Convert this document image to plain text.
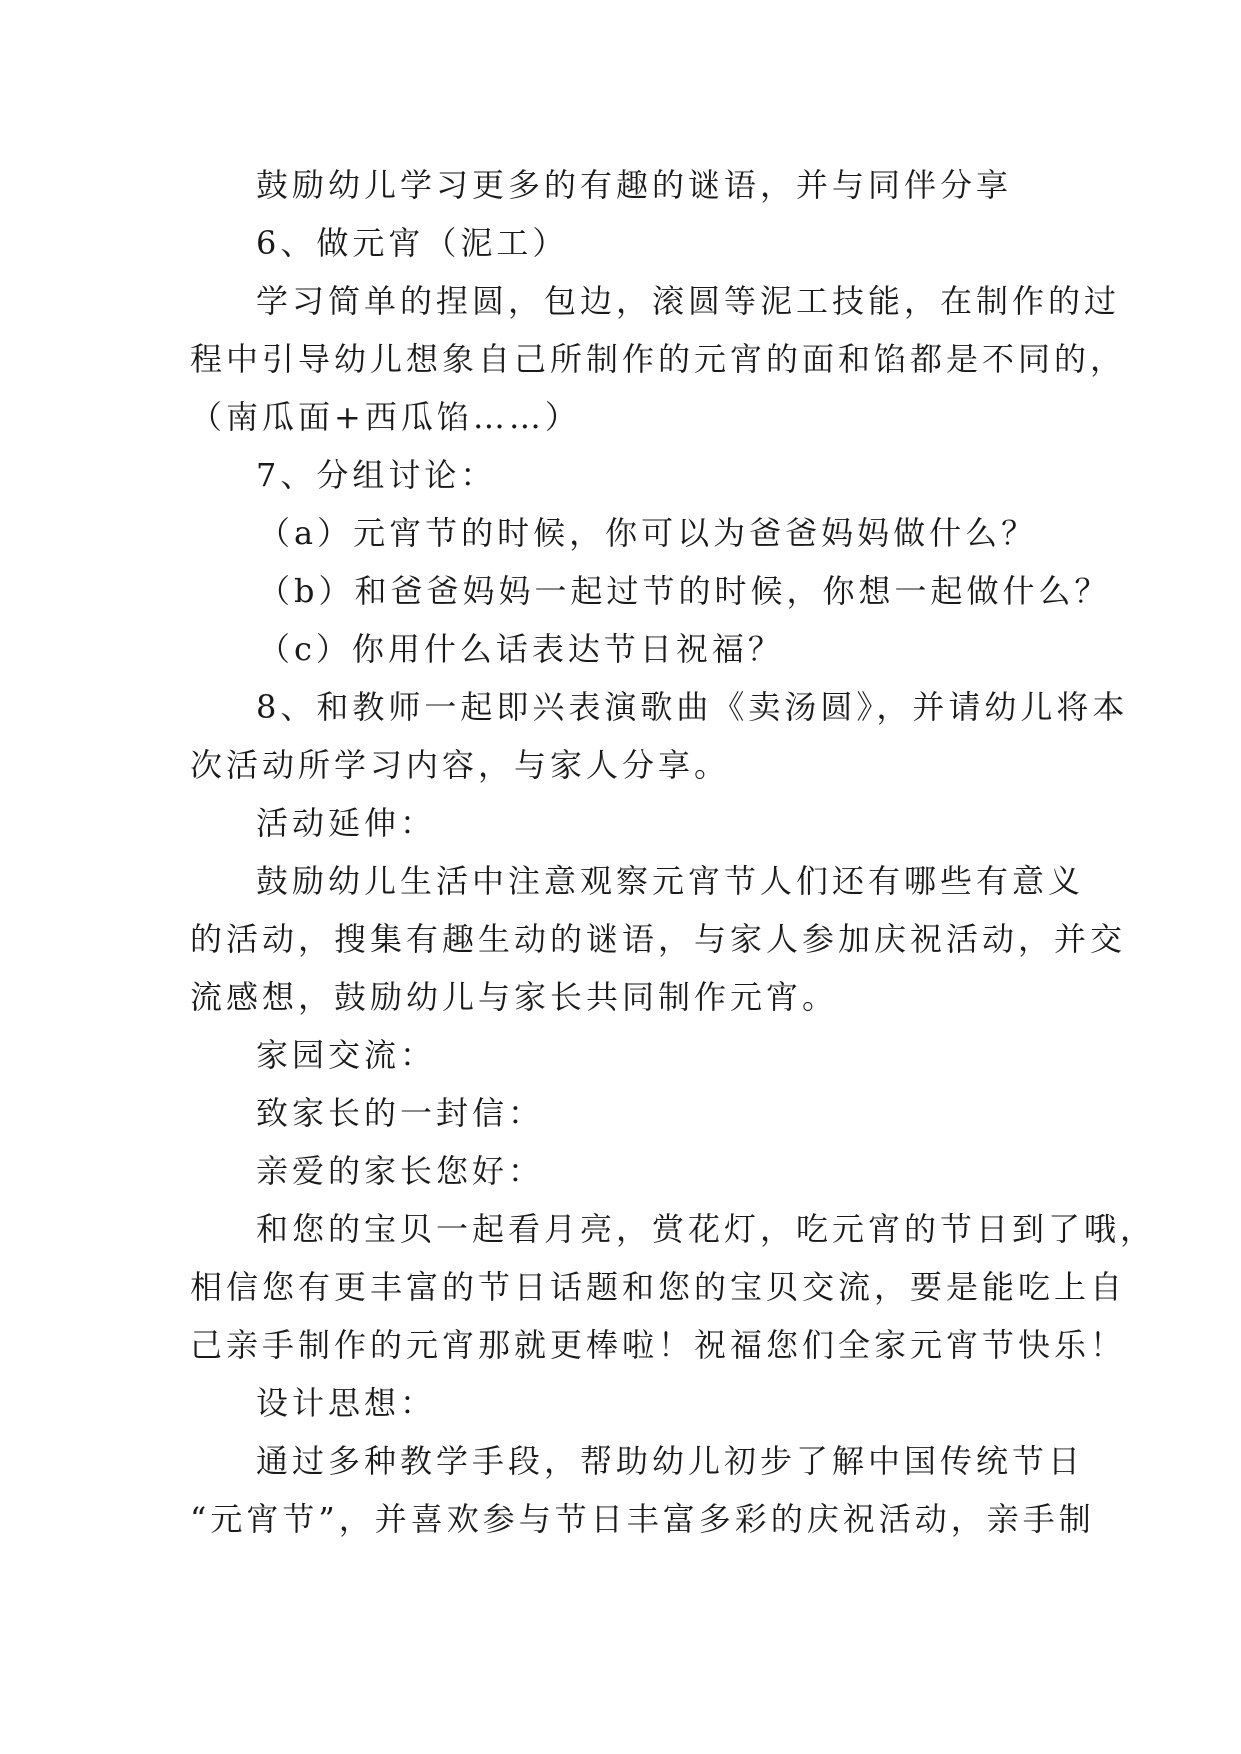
鼓励幼儿学习更多的有趣的谜语，并与同伴分享
6、做元宵（泥工）
学习简单的捏圆，包边，滚圆等泥工技能，在制作的过
程中引导幼儿想象自己所制作的元宵的面和馅都是不同的，
（南瓜面+西瓜馅……）
7、分组讨论：
（a）元宵节的时候，你可以为爸爸妈妈做什么？
（b）和爸爸妈妈一起过节的时候，你想一起做什么？
（c）你用什么话表达节日祝福？
8、和教师一起即兴表演歌曲《卖汤圆》，并请幼儿将本
次活动所学习内容，与家人分享。
活动延伸：
鼓励幼儿生活中注意观察元宵节人们还有哪些有意义
的活动，搜集有趣生动的谜语，与家人参加庆祝活动，并交
流感想，鼓励幼儿与家长共同制作元宵。
家园交流：
致家长的一封信：
亲爱的家长您好：
和您的宝贝一起看月亮，赏花灯，吃元宵的节日到了哦，
相信您有更丰富的节日话题和您的宝贝交流，要是能吃上自
己亲手制作的元宵那就更棒啦！祝福您们全家元宵节快乐！
设计思想：
通过多种教学手段，帮助幼儿初步了解中国传统节日
“元宵节”，并喜欢参与节日丰富多彩的庆祝活动，亲手制
